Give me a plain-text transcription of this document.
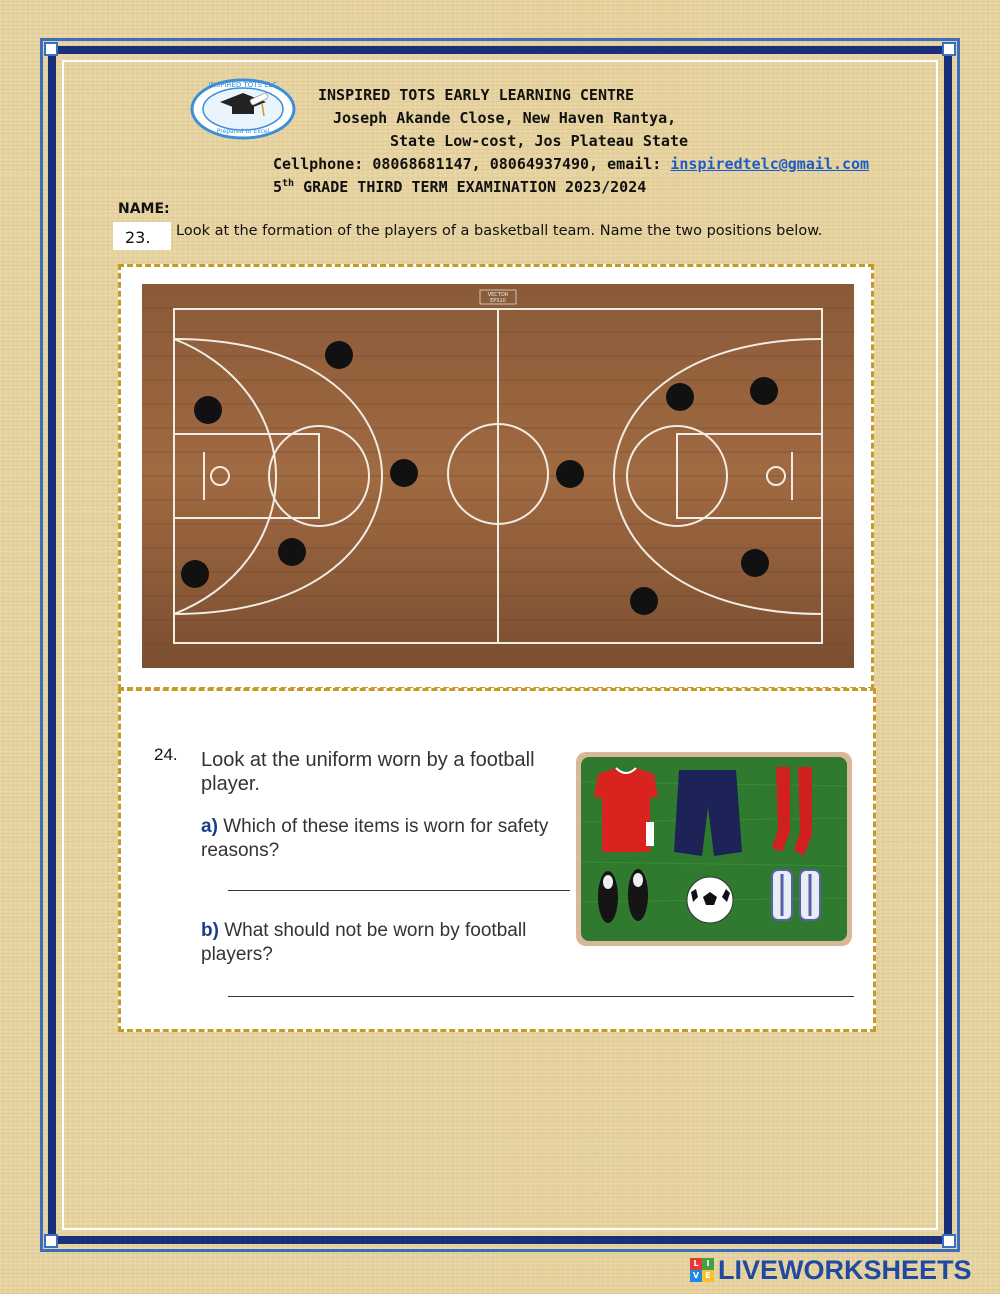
INSPIRED TOTS ELC
Prepared to Excel
INSPIRED TOTS EARLY LEARNING CENTRE
Joseph Akande Close, New Haven Rantya,
State Low-cost, Jos Plateau State
Cellphone: 08068681147, 08064937490, email: inspiredtelc@gmail.com
5th GRADE THIRD TERM EXAMINATION 2023/2024
NAME:
23.	Look at the formation of the players of a basketball team. Name the two positions below.
VECTOR
EPS10
24. Look at the uniform worn by a football player.
a) Which of these items is worn for safety reasons?
b) What should not be worn by football players?
L I
V E LIVEWORKSHEETS
